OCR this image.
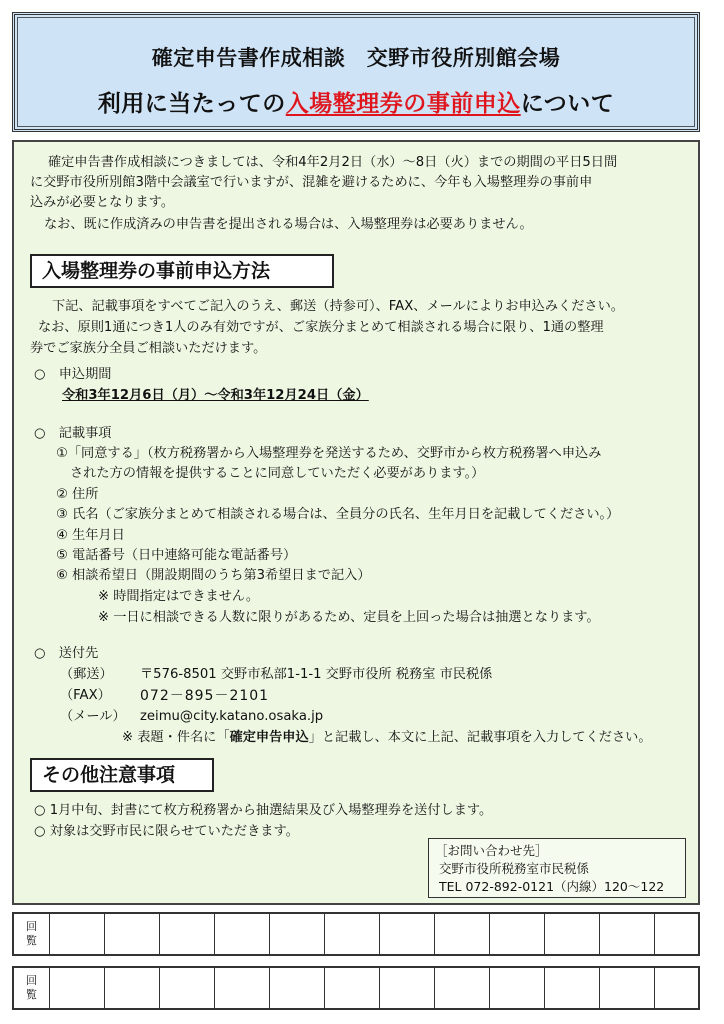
確定申告書作成相談　交野市役所別館会場
利用に当たっての入場整理券の事前申込について
確定申告書作成相談につきましては、令和4年2月2日（水）～8日（火）までの期間の平日5日間
に交野市役所別館3階中会議室で行いますが、混雑を避けるために、今年も入場整理券の事前申
込みが必要となります。
なお、既に作成済みの申告書を提出される場合は、入場整理券は必要ありません。
入場整理券の事前申込方法
下記、記載事項をすべてご記入のうえ、郵送（持参可）、FAX、メールによりお申込みください。
なお、原則1通につき1人のみ有効ですが、ご家族分まとめて相談される場合に限り、1通の整理
券でご家族分全員ご相談いただけます。
○　申込期間
令和3年12月6日（月）～令和3年12月24日（金）
○　記載事項
①「同意する」（枚方税務署から入場整理券を発送するため、交野市から枚方税務署へ申込み
された方の情報を提供することに同意していただく必要があります。）
② 住所
③ 氏名（ご家族分まとめて相談される場合は、全員分の氏名、生年月日を記載してください。）
④ 生年月日
⑤ 電話番号（日中連絡可能な電話番号）
⑥ 相談希望日（開設期間のうち第3希望日まで記入）
※ 時間指定はできません。
※ 一日に相談できる人数に限りがあるため、定員を上回った場合は抽選となります。
○　送付先
（郵送） 〒576-8501 交野市私部1-1-1 交野市役所 税務室 市民税係
（FAX） 072－895－2101
（メール） zeimu@city.katano.osaka.jp
※ 表題・件名に「確定申告申込」と記載し、本文に上記、記載事項を入力してください。
その他注意事項
○ 1月中旬、封書にて枚方税務署から抽選結果及び入場整理券を送付します。
○ 対象は交野市民に限らせていただきます。
［お問い合わせ先］
交野市役所税務室市民税係
TEL 072-892-0121（内線）120～122
回
覧
回
覧
